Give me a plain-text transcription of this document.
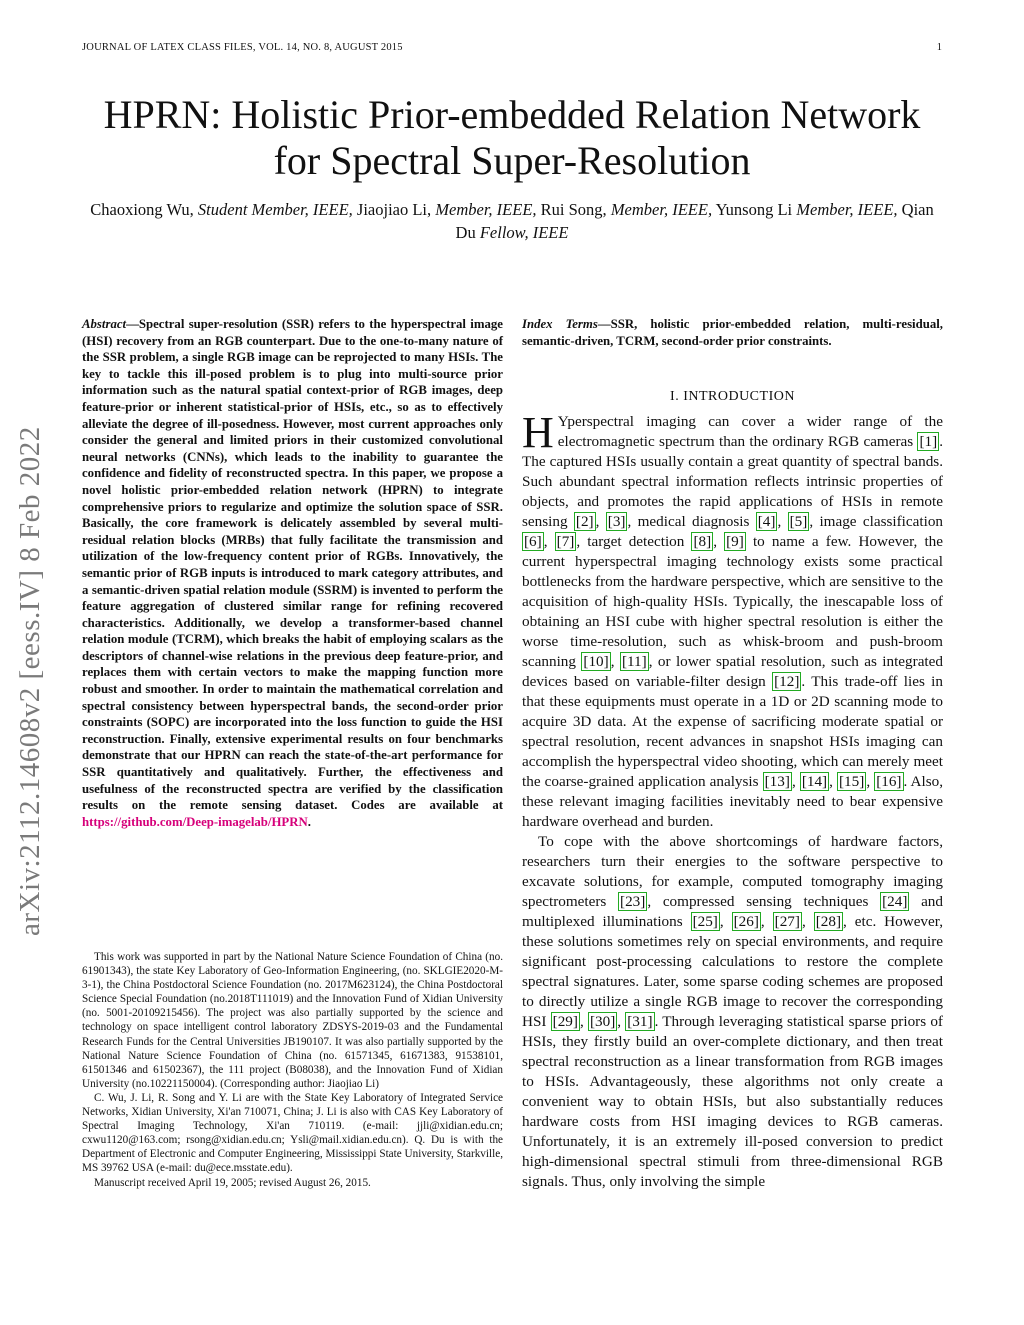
JOURNAL OF LATEX CLASS FILES, VOL. 14, NO. 8, AUGUST 2015	1
arXiv:2112.14608v2 [eess.IV] 8 Feb 2022
HPRN: Holistic Prior-embedded Relation Network
for Spectral Super-Resolution
Chaoxiong Wu, Student Member, IEEE, Jiaojiao Li, Member, IEEE, Rui Song, Member, IEEE, Yunsong Li Member, IEEE, Qian Du Fellow, IEEE
Abstract—Spectral super-resolution (SSR) refers to the hyperspectral image (HSI) recovery from an RGB counterpart. Due to the one-to-many nature of the SSR problem, a single RGB image can be reprojected to many HSIs. The key to tackle this ill-posed problem is to plug into multi-source prior information such as the natural spatial context-prior of RGB images, deep feature-prior or inherent statistical-prior of HSIs, etc., so as to effectively alleviate the degree of ill-posedness. However, most current approaches only consider the general and limited priors in their customized convolutional neural networks (CNNs), which leads to the inability to guarantee the confidence and fidelity of reconstructed spectra. In this paper, we propose a novel holistic prior-embedded relation network (HPRN) to integrate comprehensive priors to regularize and optimize the solution space of SSR. Basically, the core framework is delicately assembled by several multi-residual relation blocks (MRBs) that fully facilitate the transmission and utilization of the low-frequency content prior of RGBs. Innovatively, the semantic prior of RGB inputs is introduced to mark category attributes, and a semantic-driven spatial relation module (SSRM) is invented to perform the feature aggregation of clustered similar range for refining recovered characteristics. Additionally, we develop a transformer-based channel relation module (TCRM), which breaks the habit of employing scalars as the descriptors of channel-wise relations in the previous deep feature-prior, and replaces them with certain vectors to make the mapping function more robust and smoother. In order to maintain the mathematical correlation and spectral consistency between hyperspectral bands, the second-order prior constraints (SOPC) are incorporated into the loss function to guide the HSI reconstruction. Finally, extensive experimental results on four benchmarks demonstrate that our HPRN can reach the state-of-the-art performance for SSR quantitatively and qualitatively. Further, the effectiveness and usefulness of the reconstructed spectra are verified by the classification results on the remote sensing dataset. Codes are available at https://github.com/Deep-imagelab/HPRN.

This work was supported in part by the National Nature Science Foundation of China (no. 61901343), the state Key Laboratory of Geo-Information Engineering, (no. SKLGIE2020-M-3-1), the China Postdoctoral Science Foundation (no. 2017M623124), the China Postdoctoral Science Special Foundation (no.2018T111019) and the Innovation Fund of Xidian University (no. 5001-20109215456). The project was also partially supported by the science and technology on space intelligent control laboratory ZDSYS-2019-03 and the Fundamental Research Funds for the Central Universities JB190107. It was also partially supported by the National Nature Science Foundation of China (no. 61571345, 61671383, 91538101, 61501346 and 61502367), the 111 project (B08038), and the Innovation Fund of Xidian University (no.10221150004). (Corresponding author: Jiaojiao Li)

C. Wu, J. Li, R. Song and Y. Li are with the State Key Laboratory of Integrated Service Networks, Xidian University, Xi'an 710071, China; J. Li is also with CAS Key Laboratory of Spectral Imaging Technology, Xi'an 710119. (e-mail: jjli@xidian.edu.cn; cxwu1120@163.com; rsong@xidian.edu.cn; Ysli@mail.xidian.edu.cn). Q. Du is with the Department of Electronic and Computer Engineering, Mississippi State University, Starkville, MS 39762 USA (e-mail: du@ece.msstate.edu).

Manuscript received April 19, 2005; revised August 26, 2015.

Index Terms—SSR, holistic prior-embedded relation, multi-residual, semantic-driven, TCRM, second-order prior constraints.
I. INTRODUCTION

H Yperspectral imaging can cover a wider range of the electromagnetic spectrum than the ordinary RGB cameras [1] . The captured HSIs usually contain a great quantity of spectral bands. Such abundant spectral information reflects intrinsic properties of objects, and promotes the rapid applications of HSIs in remote sensing [2] , [3] , medical diagnosis [4] , [5] , image classification [6] , [7] , target detection [8] , [9] to name a few. However, the current hyperspectral imaging technology exists some practical bottlenecks from the hardware perspective, which are sensitive to the acquisition of high-quality HSIs. Typically, the inescapable loss of obtaining an HSI cube with higher spectral resolution is either the worse time-resolution, such as whisk-broom and push-broom scanning [10] , [11] , or lower spatial resolution, such as integrated devices based on variable-filter design [12] . This trade-off lies in that these equipments must operate in a 1D or 2D scanning mode to acquire 3D data. At the expense of sacrificing moderate spatial or spectral resolution, recent advances in snapshot HSIs imaging can accomplish the hyperspectral video shooting, which can merely meet the coarse-grained application analysis [13] , [14] , [15] , [16] . Also, these relevant imaging facilities inevitably need to bear expensive hardware overhead and burden.

To cope with the above shortcomings of hardware factors, researchers turn their energies to the software perspective to excavate solutions, for example, computed tomography imaging spectrometers [23] , compressed sensing techniques [24] and multiplexed illuminations [25] , [26] , [27] , [28] , etc. However, these solutions sometimes rely on special environments, and require significant post-processing calculations to restore the complete spectral signatures. Later, some sparse coding schemes are proposed to directly utilize a single RGB image to recover the corresponding HSI [29] , [30] , [31] . Through leveraging statistical sparse priors of HSIs, they firstly build an over-complete dictionary, and then treat spectral reconstruction as a linear transformation from RGB images to HSIs. Advantageously, these algorithms not only create a convenient way to obtain HSIs, but also substantially reduces hardware costs from HSI imaging devices to RGB cameras. Unfortunately, it is an extremely ill-posed conversion to predict high-dimensional spectral stimuli from three-dimensional RGB signals. Thus, only involving the simple
